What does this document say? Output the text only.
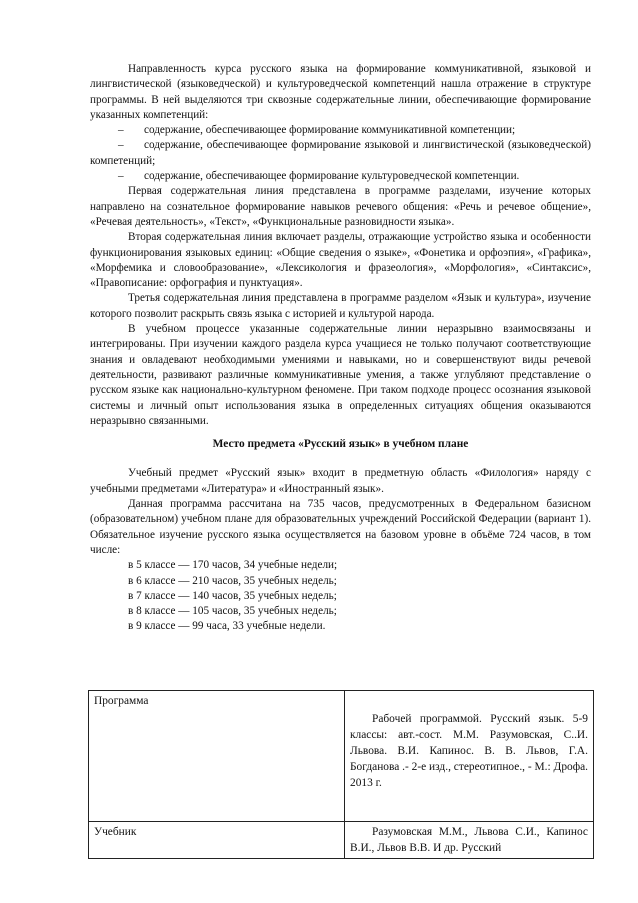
Направленность курса русского языка на формирование коммуникативной, языковой и лингвистической (языковедческой) и культуроведческой компетенций нашла отражение в структуре программы. В ней выделяются три сквозные содержательные линии, обеспечивающие формирование указанных компетенций:

– содержание, обеспечивающее формирование коммуникативной компетенции;

– содержание, обеспечивающее формирование языковой и лингвистической (языковедческой) компетенций;

– содержание, обеспечивающее формирование культуроведческой компетенции.

Первая содержательная линия представлена в программе разделами, изучение которых направлено на сознательное формирование навыков речевого общения: «Речь и речевое общение», «Речевая деятельность», «Текст», «Функциональные разновидности языка».

Вторая содержательная линия включает разделы, отражающие устройство языка и особенности функционирования языковых единиц: «Общие сведения о языке», «Фонетика и орфоэпия», «Графика», «Морфемика и словообразование», «Лексикология и фразеология», «Морфология», «Синтаксис», «Правописание: орфография и пунктуация».

Третья содержательная линия представлена в программе разделом «Язык и культура», изучение которого позволит раскрыть связь языка с историей и культурой народа.

В учебном процессе указанные содержательные линии неразрывно взаимосвязаны и интегрированы. При изучении каждого раздела курса учащиеся не только получают соответствующие знания и овладевают необходимыми умениями и навыками, но и совершенствуют виды речевой деятельности, развивают различные коммуникативные умения, а также углубляют представление о русском языке как национально-культурном феномене. При таком подходе процесс осознания языковой системы и личный опыт использования языка в определенных ситуациях общения оказываются неразрывно связанными.

Место предмета «Русский язык» в учебном плане

Учебный предмет «Русский язык» входит в предметную область «Филология» наряду с учебными предметами «Литература» и «Иностранный язык».

Данная программа рассчитана на 735 часов, предусмотренных в Федеральном базисном (образовательном) учебном плане для образовательных учреждений Российской Федерации (вариант 1). Обязательное изучение русского языка осуществляется на базовом уровне в объёме 724 часов, в том числе:

в 5 классе — 170 часов, 34 учебные недели;
в 6 классе — 210 часов, 35 учебных недель;
в 7 классе — 140 часов, 35 учебных недель;
в 8 классе — 105 часов, 35 учебных недель;
в 9 классе — 99 часа, 33 учебные недели.
Программа	Рабочей программой. Русский язык. 5-9 классы: авт.-сост. М.М. Разумовская, С..И. Львова. В.И. Капинос. В. В. Львов, Г.А. Богданова .- 2-е изд., стереотипное., - М.: Дрофа. 2013 г.

Учебник	Разумовская М.М., Львова С.И., Капинос В.И., Львов В.В. И др. Русский
